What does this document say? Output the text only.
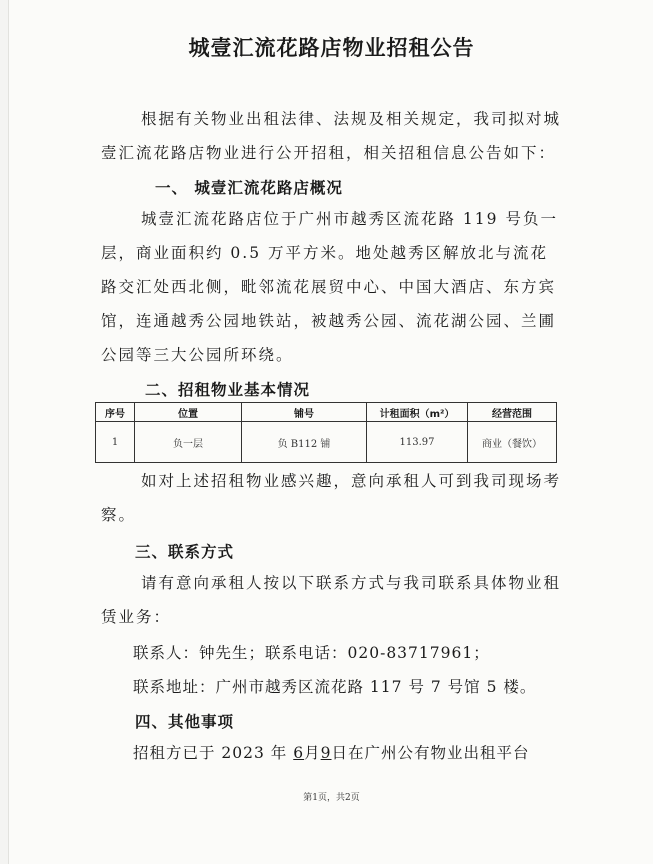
城壹汇流花路店物业招租公告

根据有关物业出租法律、法规及相关规定，我司拟对城壹汇流花路店物业进行公开招租，相关招租信息公告如下：

一、 城壹汇流花路店概况

城壹汇流花路店位于广州市越秀区流花路 119 号负一层，商业面积约 0.5 万平方米。地处越秀区解放北与流花路交汇处西北侧，毗邻流花展贸中心、中国大酒店、东方宾馆，连通越秀公园地铁站，被越秀公园、流花湖公园、兰圃公园等三大公园所环绕。

二、招租物业基本情况

序号	位置	铺号	计租面积（m²）	经营范围
1	负一层	负 B112 铺	113.97	商业（餐饮）

如对上述招租物业感兴趣，意向承租人可到我司现场考察。

三、联系方式

请有意向承租人按以下联系方式与我司联系具体物业租赁业务：

联系人：钟先生；联系电话：020-83717961；

联系地址：广州市越秀区流花路 117 号 7 号馆 5 楼。

四、其他事项

招租方已于 2023 年 6月9日在广州公有物业出租平台

第1页，共2页
